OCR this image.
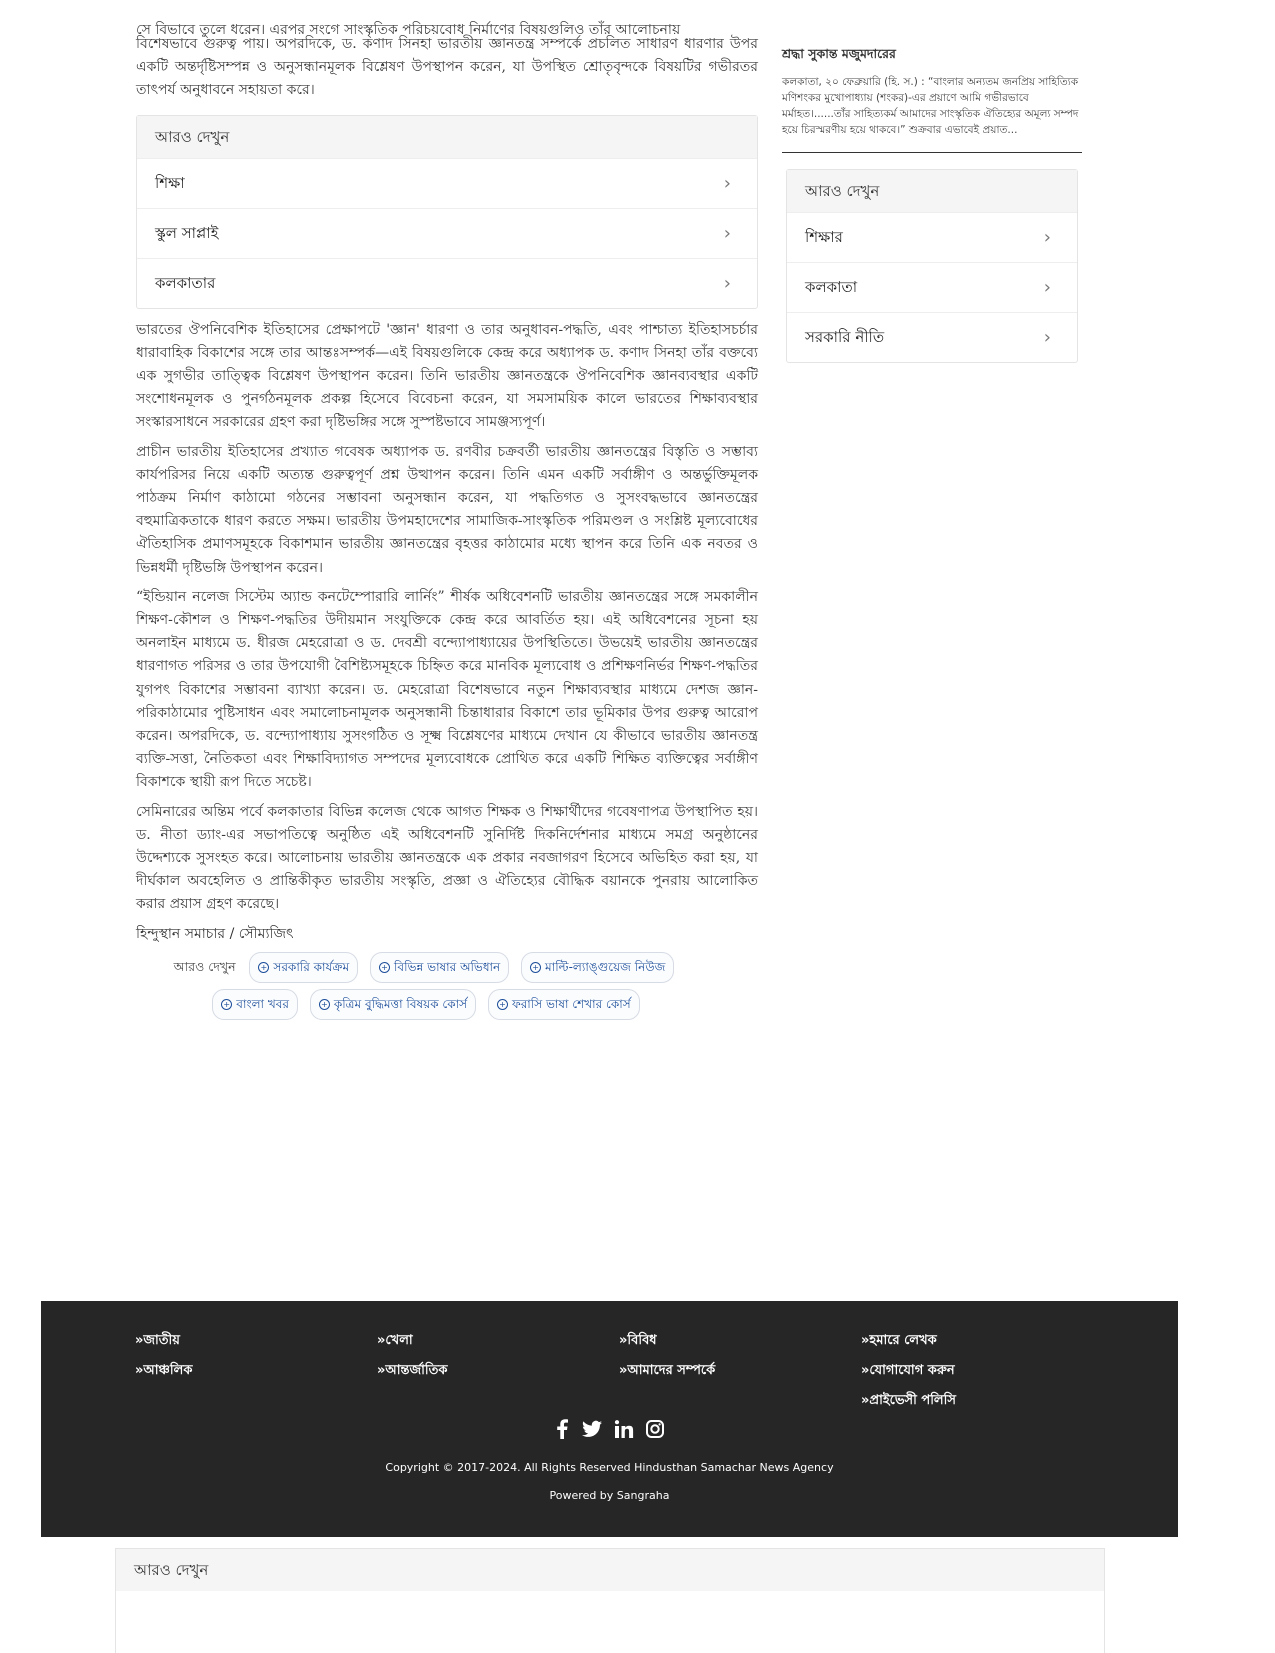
সে বিভাবে তুলে ধরেন। এরপর সংগে সাংস্কৃতিক পরিচয়বোধ নির্মাণের বিষয়গুলিও তাঁর আলোচনায়

বিশেষভাবে গুরুত্ব পায়। অপরদিকে, ড. কণাদ সিনহা ভারতীয় জ্ঞানতন্ত্র সম্পর্কে প্রচলিত সাধারণ ধারণার উপর একটি অন্তর্দৃষ্টিসম্পন্ন ও অনুসন্ধানমূলক বিশ্লেষণ উপস্থাপন করেন, যা উপস্থিত শ্রোতৃবৃন্দকে বিষয়টির গভীরতর তাৎপর্য অনুধাবনে সহায়তা করে।

আরও দেখুন
শিক্ষা	›
স্কুল সাপ্লাই	›
কলকাতার	›

ভারতের ঔপনিবেশিক ইতিহাসের প্রেক্ষাপটে 'জ্ঞান' ধারণা ও তার অনুধাবন-পদ্ধতি, এবং পাশ্চাত্য ইতিহাসচর্চার ধারাবাহিক বিকাশের সঙ্গে তার আন্তঃসম্পর্ক—এই বিষয়গুলিকে কেন্দ্র করে অধ্যাপক ড. কণাদ সিনহা তাঁর বক্তব্যে এক সুগভীর তাত্ত্বিক বিশ্লেষণ উপস্থাপন করেন। তিনি ভারতীয় জ্ঞানতন্ত্রকে ঔপনিবেশিক জ্ঞানব্যবস্থার একটি সংশোধনমূলক ও পুনর্গঠনমূলক প্রকল্প হিসেবে বিবেচনা করেন, যা সমসাময়িক কালে ভারতের শিক্ষাব্যবস্থার সংস্কারসাধনে সরকারের গ্রহণ করা দৃষ্টিভঙ্গির সঙ্গে সুস্পষ্টভাবে সামঞ্জস্যপূর্ণ।

প্রাচীন ভারতীয় ইতিহাসের প্রখ্যাত গবেষক অধ্যাপক ড. রণবীর চক্রবর্তী ভারতীয় জ্ঞানতন্ত্রের বিস্তৃতি ও সম্ভাব্য কার্যপরিসর নিয়ে একটি অত্যন্ত গুরুত্বপূর্ণ প্রশ্ন উত্থাপন করেন। তিনি এমন একটি সর্বাঙ্গীণ ও অন্তর্ভুক্তিমূলক পাঠক্রম নির্মাণ কাঠামো গঠনের সম্ভাবনা অনুসন্ধান করেন, যা পদ্ধতিগত ও সুসংবদ্ধভাবে জ্ঞানতন্ত্রের বহুমাত্রিকতাকে ধারণ করতে সক্ষম। ভারতীয় উপমহাদেশের সামাজিক-সাংস্কৃতিক পরিমণ্ডল ও সংশ্লিষ্ট মূল্যবোধের ঐতিহাসিক প্রমাণসমূহকে বিকাশমান ভারতীয় জ্ঞানতন্ত্রের বৃহত্তর কাঠামোর মধ্যে স্থাপন করে তিনি এক নবতর ও ভিন্নধর্মী দৃষ্টিভঙ্গি উপস্থাপন করেন।

“ইন্ডিয়ান নলেজ সিস্টেম অ্যান্ড কনটেম্পোরারি লার্নিং” শীর্ষক অধিবেশনটি ভারতীয় জ্ঞানতন্ত্রের সঙ্গে সমকালীন শিক্ষণ-কৌশল ও শিক্ষণ-পদ্ধতির উদীয়মান সংযুক্তিকে কেন্দ্র করে আবর্তিত হয়। এই অধিবেশনের সূচনা হয় অনলাইন মাধ্যমে ড. ধীরজ মেহরোত্রা ও ড. দেবশ্রী বন্দ্যোপাধ্যায়ের উপস্থিতিতে। উভয়েই ভারতীয় জ্ঞানতন্ত্রের ধারণাগত পরিসর ও তার উপযোগী বৈশিষ্ট্যসমূহকে চিহ্নিত করে মানবিক মূল্যবোধ ও প্রশিক্ষণনির্ভর শিক্ষণ-পদ্ধতির যুগপৎ বিকাশের সম্ভাবনা ব্যাখ্যা করেন। ড. মেহরোত্রা বিশেষভাবে নতুন শিক্ষাব্যবস্থার মাধ্যমে দেশজ জ্ঞান-পরিকাঠামোর পুষ্টিসাধন এবং সমালোচনামূলক অনুসন্ধানী চিন্তাধারার বিকাশে তার ভূমিকার উপর গুরুত্ব আরোপ করেন। অপরদিকে, ড. বন্দ্যোপাধ্যায় সুসংগঠিত ও সূক্ষ্ম বিশ্লেষণের মাধ্যমে দেখান যে কীভাবে ভারতীয় জ্ঞানতন্ত্র ব্যক্তি-সত্তা, নৈতিকতা এবং শিক্ষাবিদ্যাগত সম্পদের মূল্যবোধকে প্রোথিত করে একটি শিক্ষিত ব্যক্তিত্বের সর্বাঙ্গীণ বিকাশকে স্থায়ী রূপ দিতে সচেষ্ট।

সেমিনারের অন্তিম পর্বে কলকাতার বিভিন্ন কলেজ থেকে আগত শিক্ষক ও শিক্ষার্থীদের গবেষণাপত্র উপস্থাপিত হয়। ড. নীতা ড্যাং-এর সভাপতিত্বে অনুষ্ঠিত এই অধিবেশনটি সুনির্দিষ্ট দিকনির্দেশনার মাধ্যমে সমগ্র অনুষ্ঠানের উদ্দেশ্যকে সুসংহত করে। আলোচনায় ভারতীয় জ্ঞানতন্ত্রকে এক প্রকার নবজাগরণ হিসেবে অভিহিত করা হয়, যা দীর্ঘকাল অবহেলিত ও প্রান্তিকীকৃত ভারতীয় সংস্কৃতি, প্রজ্ঞা ও ঐতিহ্যের বৌদ্ধিক বয়ানকে পুনরায় আলোকিত করার প্রয়াস গ্রহণ করেছে।

হিন্দুস্থান সমাচার / সৌম্যজিৎ
আরও দেখুন	+ সরকারি কার্যক্রম	+ বিভিন্ন ভাষার অভিধান	+ মাল্টি-ল্যাঙ্গুয়েজ নিউজ
+ বাংলা খবর	+ কৃত্রিম বুদ্ধিমত্তা বিষয়ক কোর্স	+ ফরাসি ভাষা শেখার কোর্স
শ্রদ্ধা সুকান্ত মজুমদারের
কলকাতা, ২০ ফেব্রুয়ারি (হি. স.) : “বাংলার অন্যতম জনপ্রিয় সাহিত্যিক মণিশংকর মুখোপাধ্যায় (শংকর)-এর প্রয়াণে আমি গভীরভাবে মর্মাহত।......তাঁর সাহিত্যকর্ম আমাদের সাংস্কৃতিক ঐতিহ্যের অমূল্য সম্পদ হয়ে চিরস্মরণীয় হয়ে থাকবে।” শুক্রবার এভাবেই প্রয়াত...
আরও দেখুন
শিক্ষার	›
কলকাতা	›
সরকারি নীতি	›
»জাতীয়
»আঞ্চলিক
»খেলা
»আন্তর্জাতিক
»বিবিধ
»আমাদের সম্পর্কে
»হমারে লেখক
»যোগাযোগ করুন
»প্রাইভেসী পলিসি

Copyright © 2017-2024. All Rights Reserved Hindusthan Samachar News Agency
Powered by Sangraha
আরও দেখুন
